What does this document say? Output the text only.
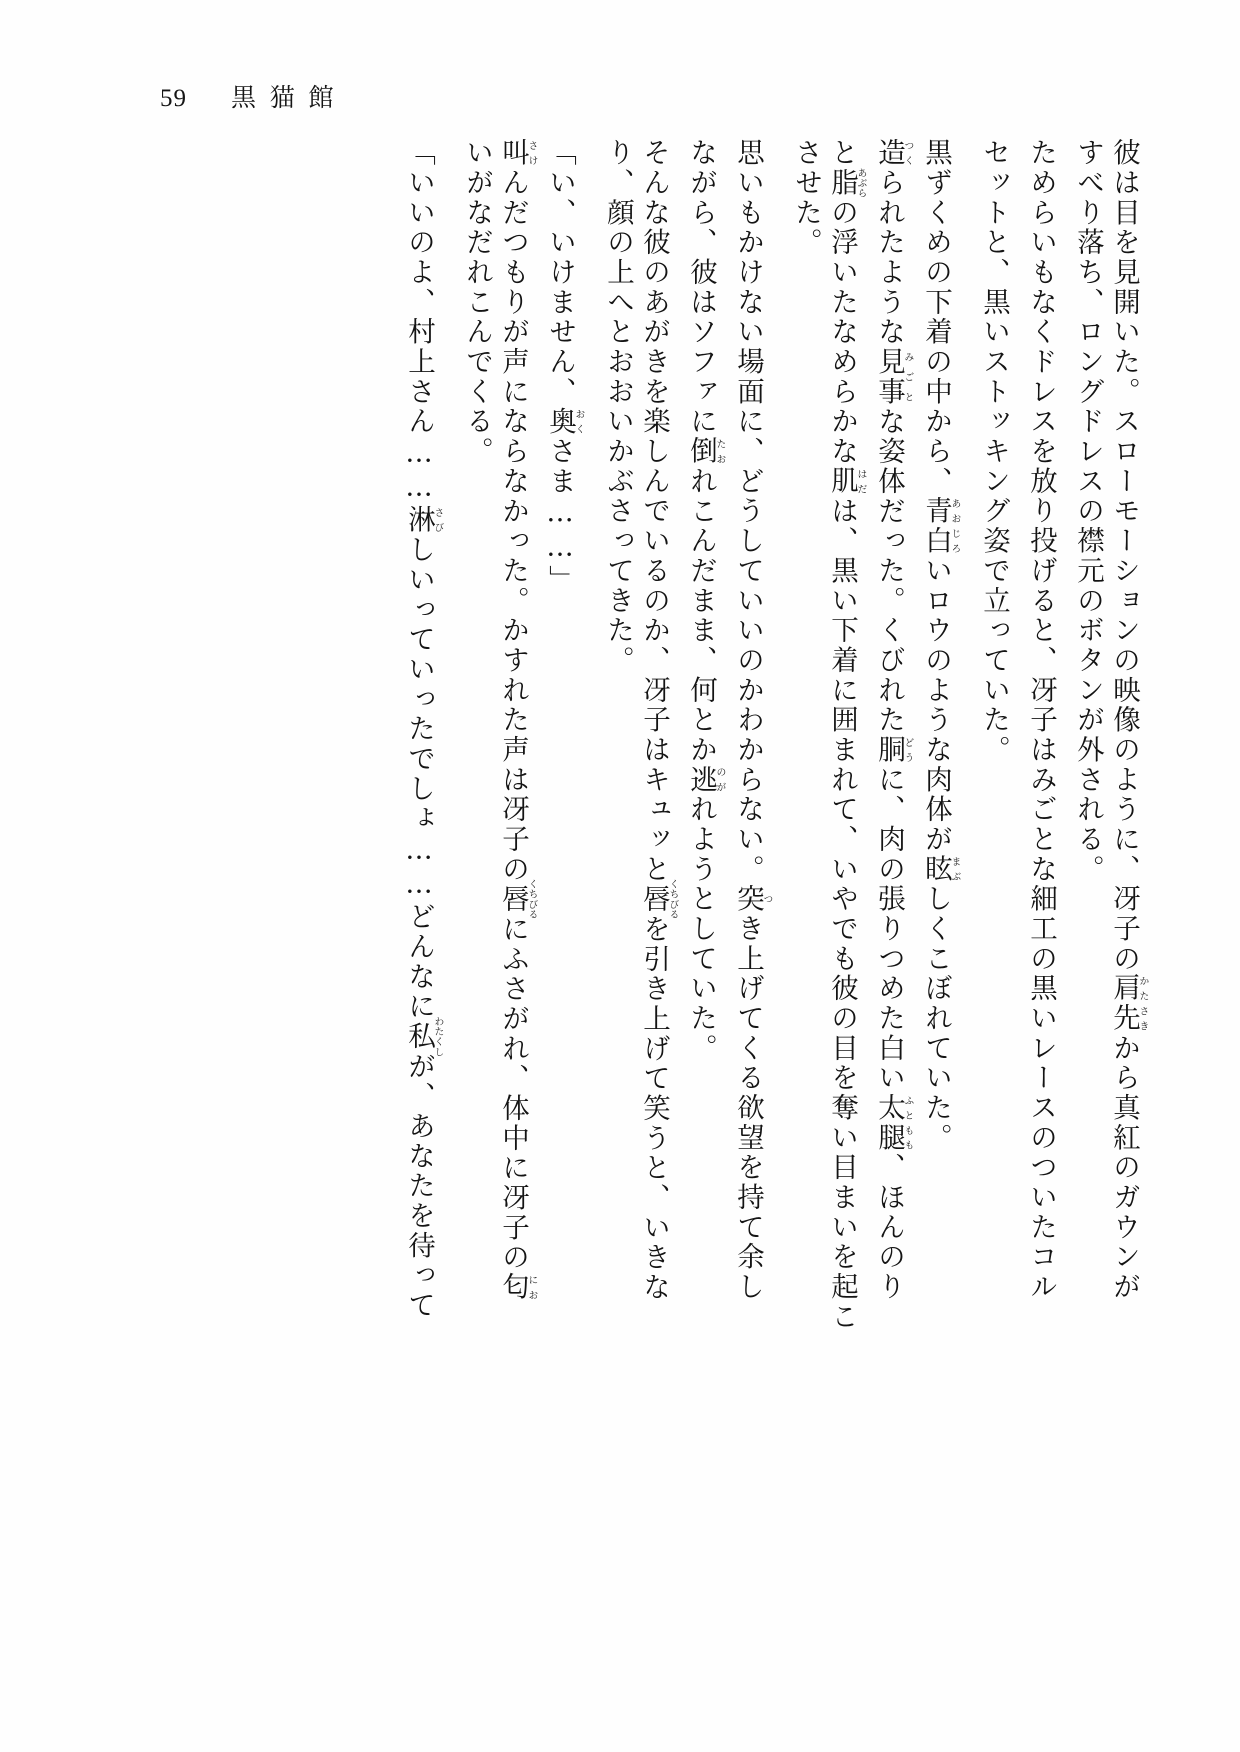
59 黒猫館
彼は目を見開いた。スローモーションの映像のように、冴子の肩先かたさきから真紅のガウンが
すべり落ち、ロングドレスの襟元のボタンが外される。
ためらいもなくドレスを放り投げると、冴子はみごとな細工の黒いレースのついたコル
セットと、黒いストッキング姿で立っていた。
黒ずくめの下着の中から、青白あおじろいロウのような肉体が眩まぶしくこぼれていた。
造つくられたような見事みごとな姿体だった。くびれた胴どうに、肉の張りつめた白い太腿ふともも、ほんのり
と脂あぶらの浮いたなめらかな肌はだは、黒い下着に囲まれて、いやでも彼の目を奪い目まいを起こ
させた。
思いもかけない場面に、どうしていいのかわからない。突つき上げてくる欲望を持て余し
ながら、彼はソファに倒たおれこんだまま、何とか逃のがれようとしていた。
そんな彼のあがきを楽しんでいるのか、冴子はキュッと唇くちびるを引き上げて笑うと、いきな
り、顔の上へとおおいかぶさってきた。
「い、いけません、奥おくさま……」
叫さけんだつもりが声にならなかった。かすれた声は冴子の唇くちびるにふさがれ、体中に冴子の匂にお
いがなだれこんでくる。
「いいのよ、村上さん……淋さびしいっていったでしょ……どんなに私わたくしが、あなたを待って
